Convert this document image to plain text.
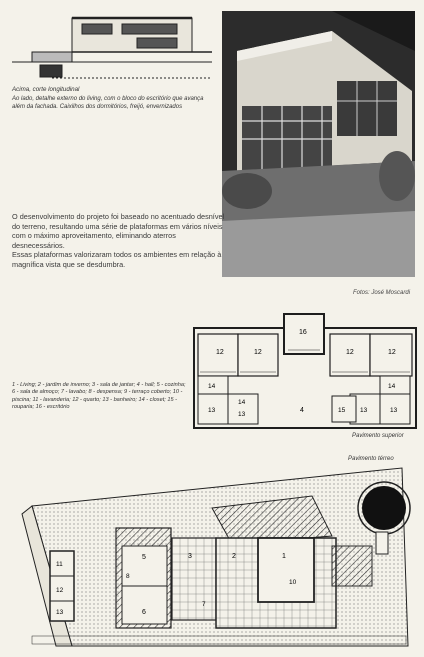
Acima, corte longitudinal
Ao lado, detalhe externo do living, com o bloco do escritório que avança além da fachada. Caixilhos dos dormitórios, freijó, envernizados
Fotos: José Moscardi
O desenvolvimento do projeto foi baseado no acentuado desnível do terreno, resultando uma série de plataformas em vários níveis com o máximo aproveitamento, eliminando aterros desnecessários.
Essas plataformas valorizaram todos os ambientes em relação à magnífica vista que se desdumbra.
12	12
16
12	12
14	14
14
13
13
4	15 13	13
1 - Living; 2 - jardim de inverno; 3 - sala de jantar; 4 - hall; 5 - cozinha; 6 - sala de almoço; 7 - lavabo; 8 - despensa; 9 - terraço coberto; 10 - piscina; 11 - lavanderia; 12 - quarto; 13 - banheiro; 14 - closet; 15 - rouparia; 16 - escritório
Pavimento superior
Pavimento térreo
5
6
8
3	2	1
11
12
13
10
7
